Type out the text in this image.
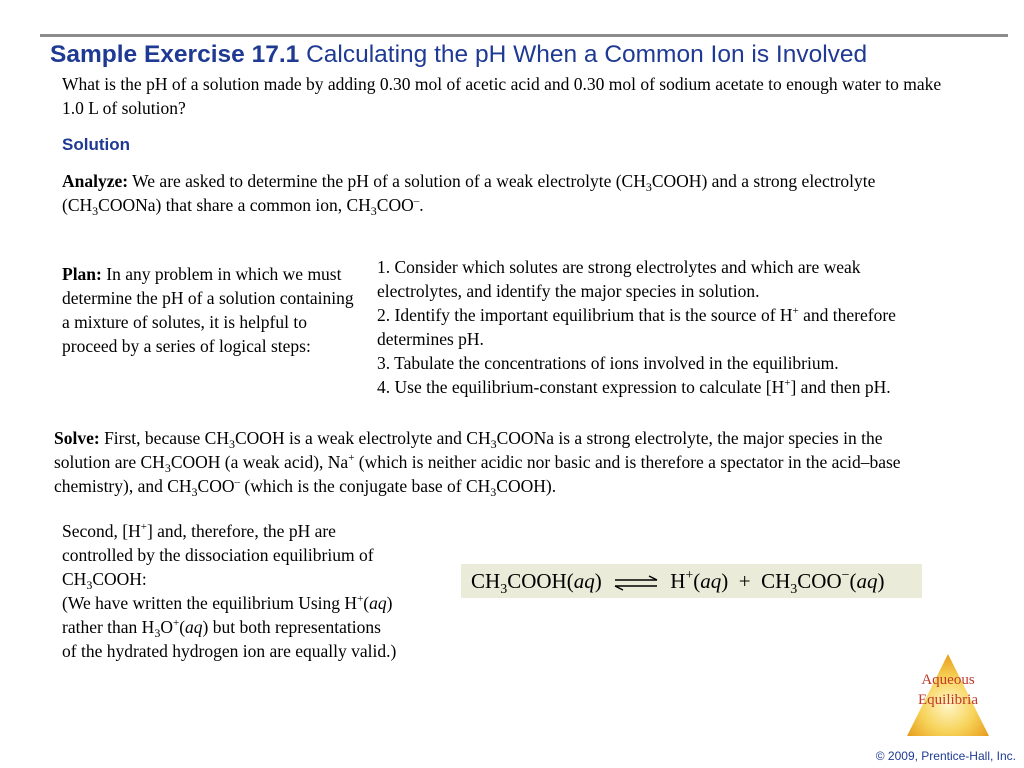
Sample Exercise 17.1 Calculating the pH When a Common Ion is Involved
What is the pH of a solution made by adding 0.30 mol of acetic acid and 0.30 mol of sodium acetate to enough water to make 1.0 L of solution?
Solution
Analyze: We are asked to determine the pH of a solution of a weak electrolyte $(CH_3COOH)$ and a strong electrolyte $(CH_3COONa)$ that share a common ion, $CH_3COO^-$.
Plan: In any problem in which we must determine the pH of a solution containing a mixture of solutes, it is helpful to proceed by a series of logical steps:
1. Consider which solutes are strong electrolytes and which are weak electrolytes, and identify the major species in solution.
2. Identify the important equilibrium that is the source of H+ and therefore determines pH.
3. Tabulate the concentrations of ions involved in the equilibrium.
4. Use the equilibrium-constant expression to calculate [H+] and then pH.
Solve: First, because $CH_3COOH$ is a weak electrolyte and $CH_3COONa$ is a strong electrolyte, the major species in the solution are $CH_3COOH$ (a weak acid), Na+ (which is neither acidic nor basic and is therefore a spectator in the acid–base chemistry), and $CH_3COO^-$ (which is the conjugate base of $CH_3COOH$).
Second, [H+] and, therefore, the pH are controlled by the dissociation equilibrium of $CH_3COOH$:
(We have written the equilibrium Using H+(aq) rather than $H_3O^+(aq)$ but both representations of the hydrated hydrogen ion are equally valid.)
$CH_3COOH(aq)$ ⇌ $H^+(aq) + CH_3COO^-(aq)$
Aqueous
Equilibria
© 2009, Prentice-Hall, Inc.
